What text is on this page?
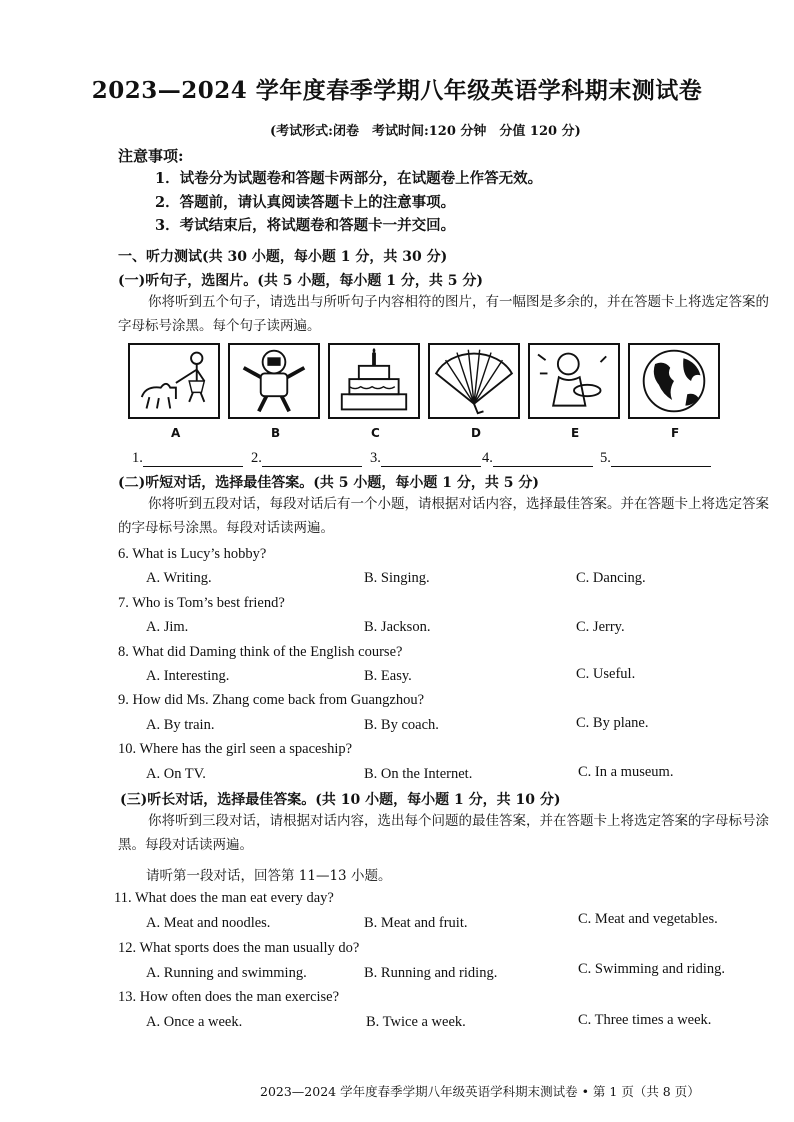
2023—2024 学年度春季学期八年级英语学科期末测试卷
(考试形式:闭卷　考试时间:120 分钟　分值 120 分)
注意事项:
1．试卷分为试题卷和答题卡两部分，在试题卷上作答无效。
2．答题前，请认真阅读答题卡上的注意事项。
3．考试结束后，将试题卷和答题卡一并交回。
一、听力测试(共 30 小题，每小题 1 分，共 30 分)
(一)听句子，选图片。(共 5 小题，每小题 1 分，共 5 分)
你将听到五个句子，请选出与所听句子内容相符的图片，有一幅图是多余的，并在答题卡上将选定答案的字母标号涂黑。每个句子读两遍。
A	B	C	D	E	F
1.	2.	3.	4.	5.
(二)听短对话，选择最佳答案。(共 5 小题，每小题 1 分，共 5 分)
你将听到五段对话，每段对话后有一个小题，请根据对话内容，选择最佳答案。并在答题卡上将选定答案的字母标号涂黑。每段对话读两遍。
6. What is Lucy’s hobby?
A. Writing.	B. Singing.	C. Dancing.
7. Who is Tom’s best friend?
A. Jim.	B. Jackson.	C. Jerry.
8. What did Daming think of the English course?
A. Interesting.	B. Easy.	C. Useful.
9. How did Ms. Zhang come back from Guangzhou?
A. By train.	B. By coach.	C. By plane.
10. Where has the girl seen a spaceship?
A. On TV.	B. On the Internet.	C. In a museum.
(三)听长对话，选择最佳答案。(共 10 小题，每小题 1 分，共 10 分)
你将听到三段对话，请根据对话内容，选出每个问题的最佳答案，并在答题卡上将选定答案的字母标号涂黑。每段对话读两遍。
请听第一段对话，回答第 11—13 小题。
11. What does the man eat every day?
A. Meat and noodles.	B. Meat and fruit.	C. Meat and vegetables.
12. What sports does the man usually do?
A. Running and swimming.	B. Running and riding.	C. Swimming and riding.
13. How often does the man exercise?
A. Once a week.	B. Twice a week.	C. Three times a week.
2023—2024 学年度春季学期八年级英语学科期末测试卷 • 第 1 页（共 8 页）
